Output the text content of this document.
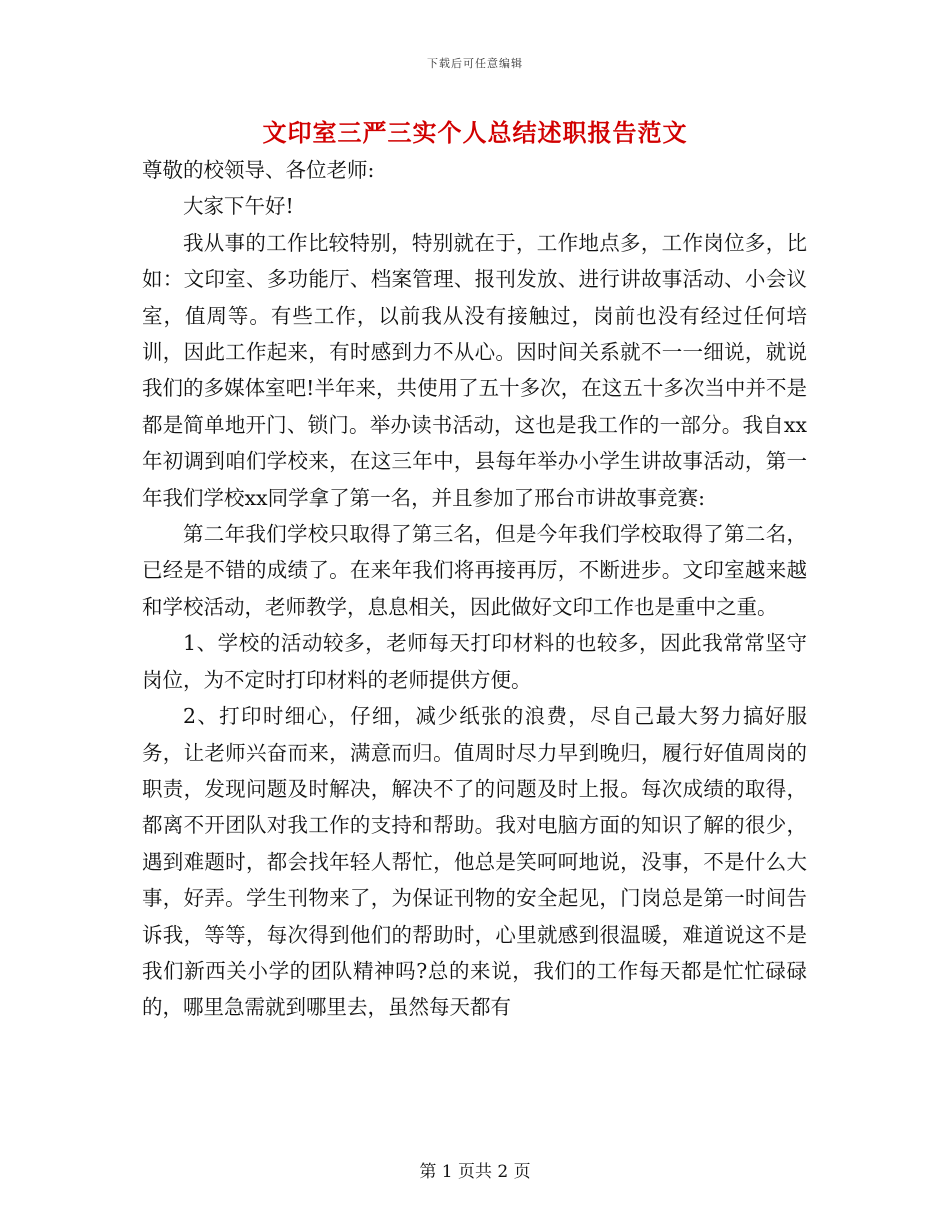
下载后可任意编辑
文印室三严三实个人总结述职报告范文

尊敬的校领导、各位老师:

大家下午好!

我从事的工作比较特别，特别就在于，工作地点多，工作岗位多，比如：文印室、多功能厅、档案管理、报刊发放、进行讲故事活动、小会议室，值周等。有些工作，以前我从没有接触过，岗前也没有经过任何培训，因此工作起来，有时感到力不从心。因时间关系就不一一细说，就说我们的多媒体室吧!半年来，共使用了五十多次，在这五十多次当中并不是都是简单地开门、锁门。举办读书活动，这也是我工作的一部分。我自xx年初调到咱们学校来，在这三年中，县每年举办小学生讲故事活动，第一年我们学校xx同学拿了第一名，并且参加了邢台市讲故事竞赛:

第二年我们学校只取得了第三名，但是今年我们学校取得了第二名，已经是不错的成绩了。在来年我们将再接再厉，不断进步。文印室越来越和学校活动，老师教学，息息相关，因此做好文印工作也是重中之重。

1、学校的活动较多，老师每天打印材料的也较多，因此我常常坚守岗位，为不定时打印材料的老师提供方便。

2、打印时细心，仔细，减少纸张的浪费，尽自己最大努力搞好服务，让老师兴奋而来，满意而归。值周时尽力早到晚归，履行好值周岗的职责，发现问题及时解决，解决不了的问题及时上报。每次成绩的取得，都离不开团队对我工作的支持和帮助。我对电脑方面的知识了解的很少，遇到难题时，都会找年轻人帮忙，他总是笑呵呵地说，没事，不是什么大事，好弄。学生刊物来了，为保证刊物的安全起见，门岗总是第一时间告诉我，等等，每次得到他们的帮助时，心里就感到很温暖，难道说这不是我们新西关小学的团队精神吗?总的来说，我们的工作每天都是忙忙碌碌的，哪里急需就到哪里去，虽然每天都有

第 1 页共 2 页
